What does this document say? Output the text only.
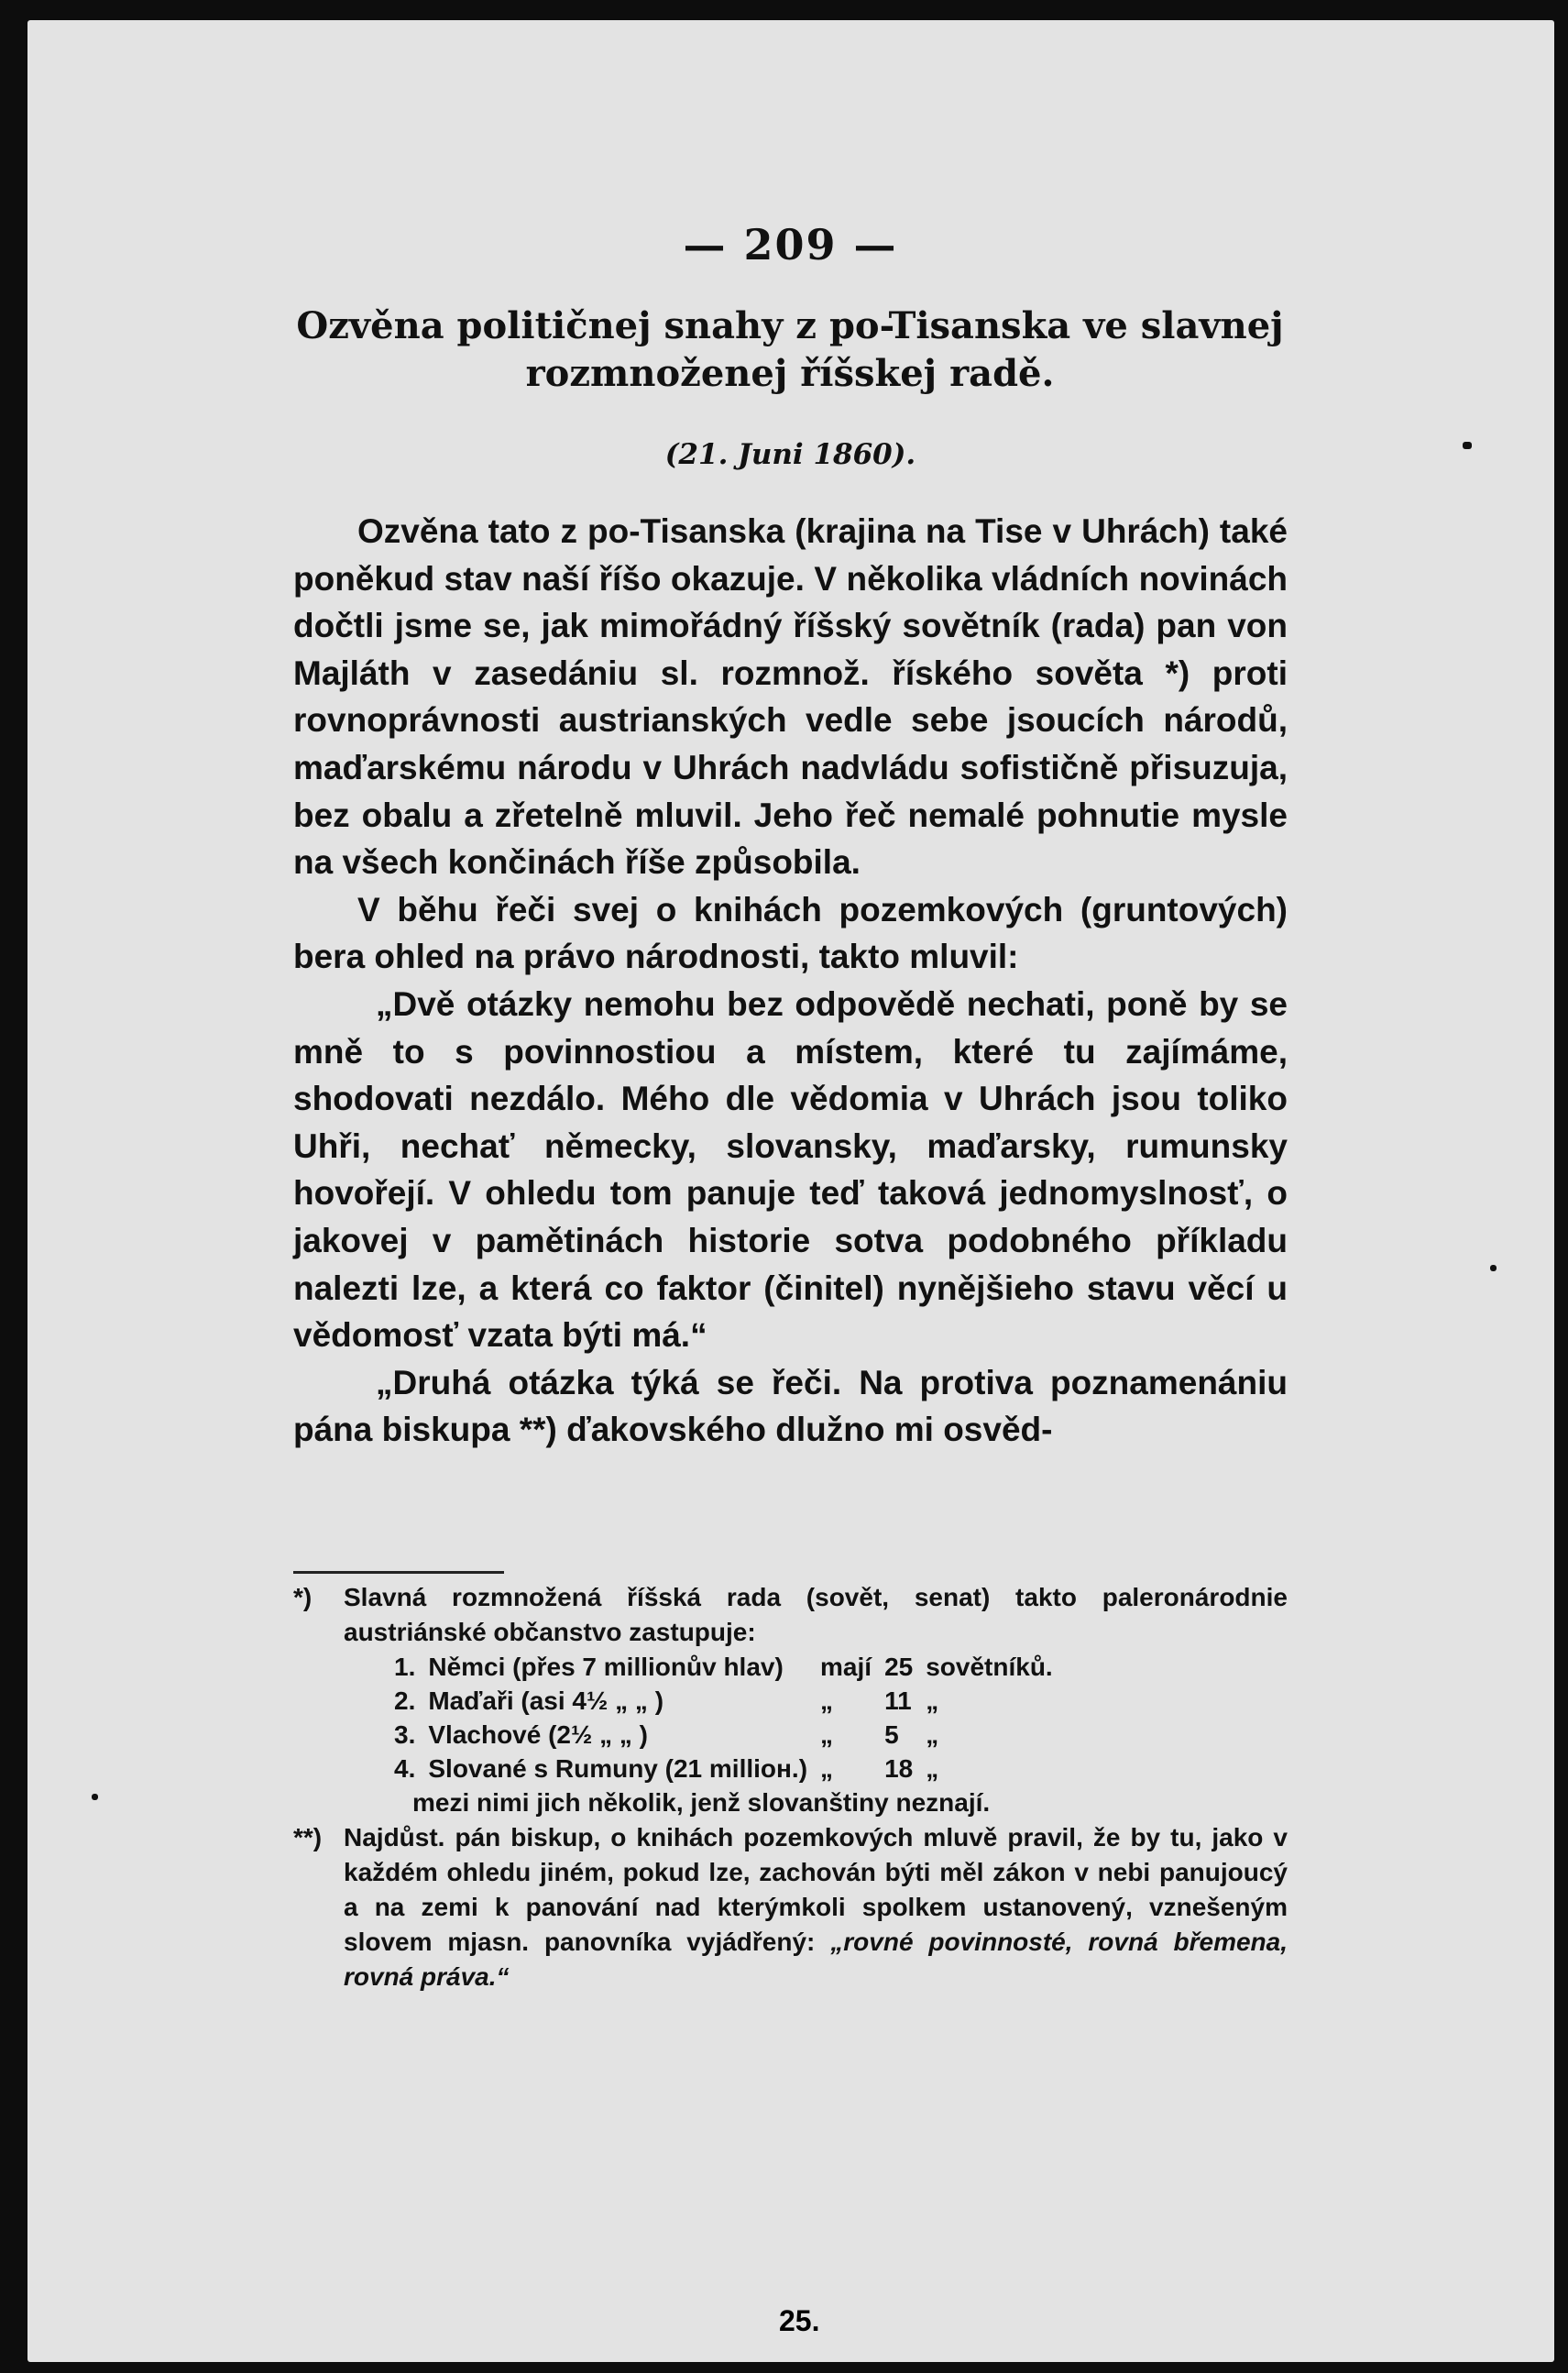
— 209 —
Ozvěna političnej snahy z po-Tisanska ve slavnej rozmnoženej říšskej radě.
(21. Juni 1860).

Ozvěna tato z po-Tisanska (krajina na Tise v Uhrách) také poněkud stav naší říšo okazuje. V několika vládních novinách dočtli jsme se, jak mimořádný říšský sovětník (rada) pan von Majláth v zasedániu sl. rozmnož. říského sověta *) proti rovnoprávnosti austrianských vedle sebe jsoucích národů, maďarskému národu v Uhrách nadvládu sofističně přisuzuja, bez obalu a zřetelně mluvil. Jeho řeč nemalé pohnutie mysle na všech končinách říše způsobila.

V běhu řeči svej o knihách pozemkových (gruntových) bera ohled na právo národnosti, takto mluvil:

„Dvě otázky nemohu bez odpovědě nechati, poně by se mně to s povinnostiou a místem, které tu zajímáme, shodovati nezdálo. Mého dle vědomia v Uhrách jsou toliko Uhři, nechať německy, slovansky, maďarsky, rumunsky hovořejí. V ohledu tom panuje teď taková jednomyslnosť, o jakovej v pamětinách historie sotva podobného příkladu nalezti lze, a která co faktor (činitel) nynějšieho stavu věcí u vědomosť vzata býti má.“

„Druhá otázka týká se řeči. Na protiva poznamenániu pána biskupa **) ďakovského dlužno mi osvěd-

*)	Slavná rozmnožená říšská rada (sovět, senat) takto paleronárodnie austriánské občanstvo zastupuje:
1.	Němci (přes 7 millionův hlav)	mají	25	sovětníků.
2.	Maďaři (asi 4½ „ „ )	„	11	„
3.	Vlachové (2½ „ „ )	„	5	„
4.	Slované s Rumuny (21 millioн.)	„	18	„
mezi nimi jich několik, jenž slovanštiny neznají.
**) Najdůst. pán biskup, o knihách pozemkových mluvě pravil, že by tu, jako v každém ohledu jiném, pokud lze, zachován býti měl zákon v nebi panujoucý a na zemi k panování nad kterýmkoli spolkem ustanovený, vznešeným slovem mjasn. panovníka vyjádřený: „rovné povinnosté, rovná břemena, rovná práva.“
25.
